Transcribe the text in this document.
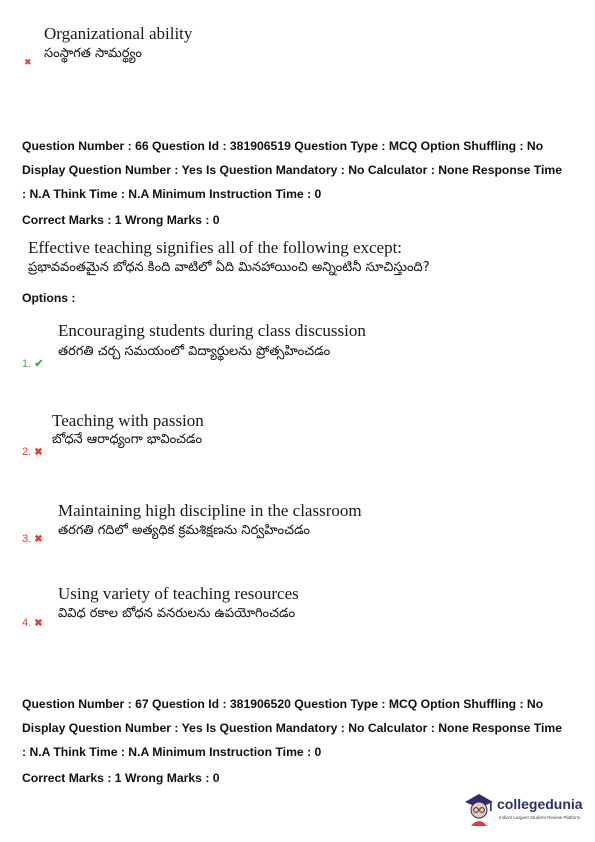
Organizational ability
సంస్థాగత సామర్థ్యం
✖
Question Number : 66 Question Id : 381906519 Question Type : MCQ Option Shuffling : No
Display Question Number : Yes Is Question Mandatory : No Calculator : None Response Time
: N.A Think Time : N.A Minimum Instruction Time : 0
Correct Marks : 1 Wrong Marks : 0
Effective teaching signifies all of the following except:
ప్రభావవంతమైన బోధన కింది వాటిలో ఏది మినహాయించి అన్నింటినీ సూచిస్తుంది?
Options :
Encouraging students during class discussion
తరగతి చర్చ సమయంలో విద్యార్థులను ప్రోత్సహించడం
1. ✔
Teaching with passion
బోధనే ఆరాధ్యంగా భావించడం
2. ✖
Maintaining high discipline in the classroom
తరగతి గదిలో అత్యధిక క్రమశిక్షణను నిర్వహించడం
3. ✖
Using variety of teaching resources
వివిధ రకాల బోధన వనరులను ఉపయోగించడం
4. ✖
Question Number : 67 Question Id : 381906520 Question Type : MCQ Option Shuffling : No
Display Question Number : Yes Is Question Mandatory : No Calculator : None Response Time
: N.A Think Time : N.A Minimum Instruction Time : 0
Correct Marks : 1 Wrong Marks : 0
collegedunia
India's Largest Student Review Platform
